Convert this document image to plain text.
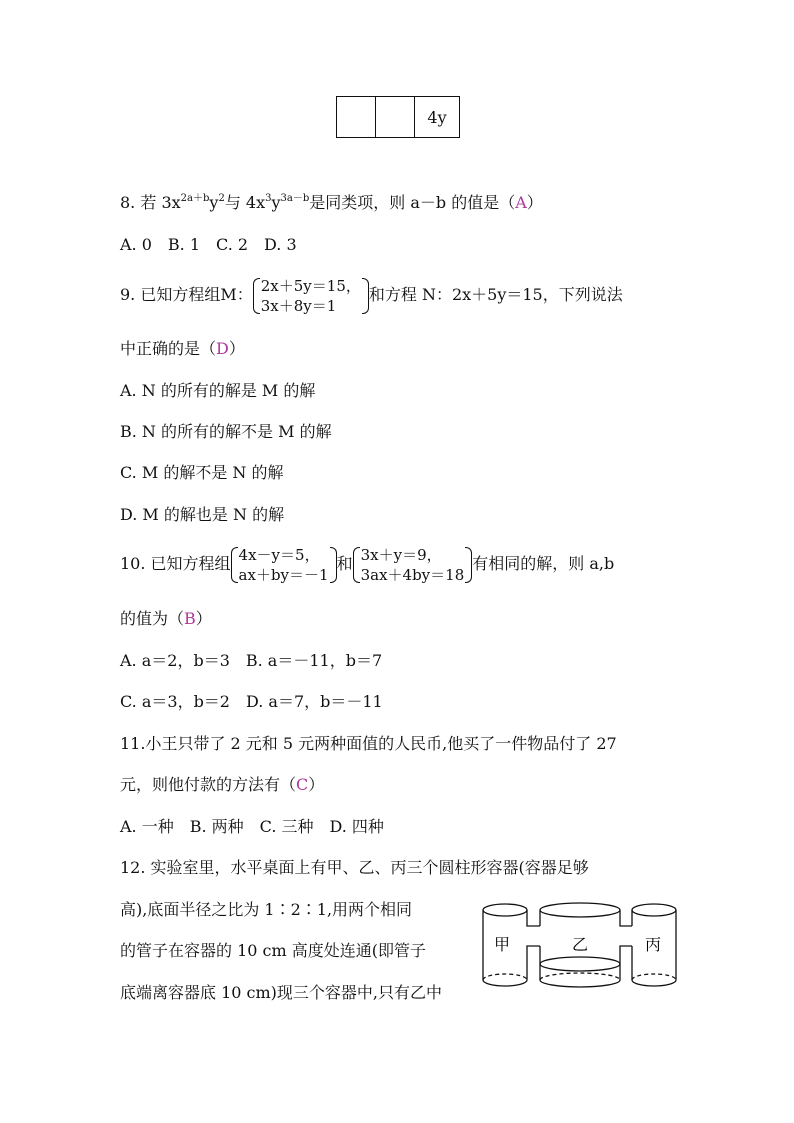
4y
8. 若 $3x^{2a+b}y^2$与 $4x^3y^{3a-b}$是同类项，则 a－b 的值是（A）
A. 0　B. 1　C. 2　D. 3
9. 已知方程组M： 2x＋5y＝15，
3x＋8y＝1
和方程 N：2x＋5y＝15，下列说法
中正确的是（D）
A. N 的所有的解是 M 的解
B. N 的所有的解不是 M 的解
C. M 的解不是 N 的解
D. M 的解也是 N 的解
10. 已知方程组 4x－y＝5，
ax＋by＝－1
和 3x＋y＝9，
3ax＋4by＝18
有相同的解，则 a,b
的值为（B）
A. a＝2，b＝3　B. a＝－11，b＝7
C. a＝3，b＝2　D. a＝7，b＝－11
11.小王只带了 2 元和 5 元两种面值的人民币,他买了一件物品付了 27
元，则他付款的方法有（C）
A. 一种　B. 两种　C. 三种　D. 四种
12. 实验室里，水平桌面上有甲、乙、丙三个圆柱形容器(容器足够
高),底面半径之比为 1∶2∶1,用两个相同
的管子在容器的 10 cm 高度处连通(即管子
底端离容器底 10 cm)现三个容器中,只有乙中
甲	乙	丙
